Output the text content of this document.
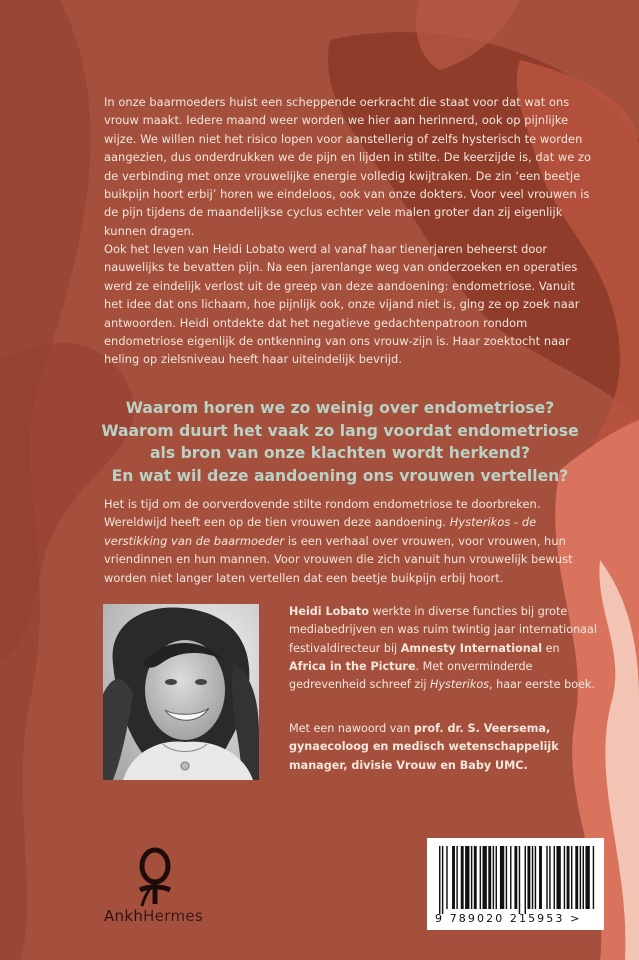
In onze baarmoeders huist een scheppende oerkracht die staat voor dat wat ons vrouw maakt. Iedere maand weer worden we hier aan herinnerd, ook op pijnlijke wijze. We willen niet het risico lopen voor aanstellerig of zelfs hysterisch te worden aangezien, dus onderdrukken we de pijn en lijden in stilte. De keerzijde is, dat we zo de verbinding met onze vrouwelijke energie volledig kwijtraken. De zin ‘een beetje buikpijn hoort erbij’ horen we eindeloos, ook van onze dokters. Voor veel vrouwen is de pijn tijdens de maandelijkse cyclus echter vele malen groter dan zij eigenlijk kunnen dragen.

Ook het leven van Heidi Lobato werd al vanaf haar tienerjaren beheerst door nauwelijks te bevatten pijn. Na een jarenlange weg van onderzoeken en operaties werd ze eindelijk verlost uit de greep van deze aandoening: endometriose. Vanuit het idee dat ons lichaam, hoe pijnlijk ook, onze vijand niet is, ging ze op zoek naar antwoorden. Heidi ontdekte dat het negatieve gedachtenpatroon rondom endometriose eigenlijk de ontkenning van ons vrouw-zijn is. Haar zoektocht naar heling op zielsniveau heeft haar uiteindelijk bevrijd.

Waarom horen we zo weinig over endometriose?
Waarom duurt het vaak zo lang voordat endometriose
als bron van onze klachten wordt herkend?
En wat wil deze aandoening ons vrouwen vertellen?

Het is tijd om de oorverdovende stilte rondom endometriose te doorbreken. Wereldwijd heeft een op de tien vrouwen deze aandoening. Hysterikos - de verstikking van de baarmoeder is een verhaal over vrouwen, voor vrouwen, hun vriendinnen en hun mannen. Voor vrouwen die zich vanuit hun vrouwelijk bewust worden niet langer laten vertellen dat een beetje buikpijn erbij hoort.

Heidi Lobato werkte in diverse functies bij grote mediabedrijven en was ruim twintig jaar internationaal festivaldirecteur bij Amnesty International en Africa in the Picture. Met onverminderde gedrevenheid schreef zij Hysterikos, haar eerste boek.

Met een nawoord van prof. dr. S. Veersema, gynaecoloog en medisch wetenschappelijk manager, divisie Vrouw en Baby UMC.

AnkhHermes	9 789020 215953 >
